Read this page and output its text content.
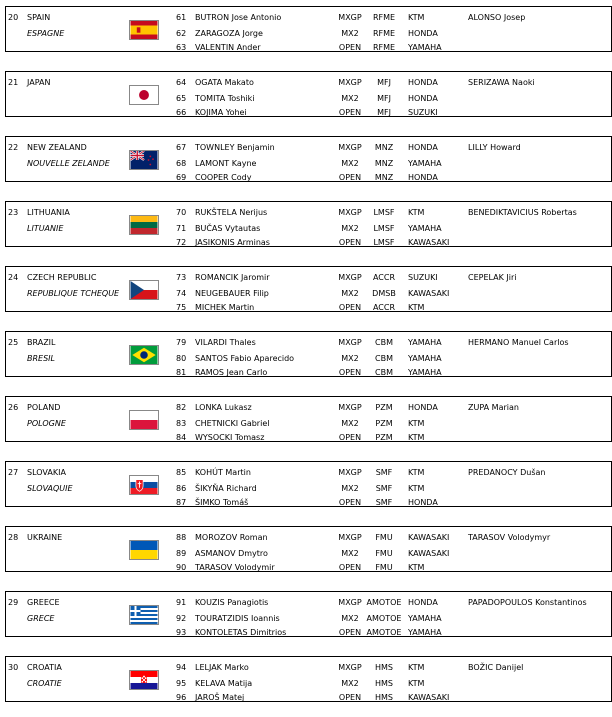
20 SPAIN
ESPAGNE
61 BUTRON Jose Antonio	MXGP	RFME	KTM
62 ZARAGOZA Jorge	MX2	RFME	HONDA
63 VALENTIN Ander	OPEN	RFME	YAMAHA
ALONSO Josep
21 JAPAN	64 OGATA Makato	MXGP	MFJ	HONDA
65 TOMITA Toshiki	MX2	MFJ	HONDA
66 KOJIMA Yohei	OPEN	MFJ	SUZUKI
SERIZAWA Naoki
22 NEW ZEALAND
NOUVELLE ZELANDE
67 TOWNLEY Benjamin	MXGP	MNZ	HONDA
68 LAMONT Kayne	MX2	MNZ	YAMAHA
69 COOPER Cody	OPEN	MNZ	HONDA
LILLY Howard
23 LITHUANIA
LITUANIE
70 RUKŠTELA Nerijus	MXGP	LMSF	KTM
71 BUČAS Vytautas	MX2	LMSF	YAMAHA
72 JASIKONIS Arminas	OPEN	LMSF	KAWASAKI
BENEDIKTAVICIUS Robertas
24 CZECH REPUBLIC
REPUBLIQUE TCHEQUE
73 ROMANCIK Jaromir	MXGP	ACCR	SUZUKI
74 NEUGEBAUER Filip	MX2	DMSB	KAWASAKI
75 MICHEK Martin	OPEN	ACCR	KTM
CEPELAK Jiri
25 BRAZIL
BRESIL
79 VILARDI Thales	MXGP	CBM	YAMAHA
80 SANTOS Fabio Aparecido	MX2	CBM	YAMAHA
81 RAMOS Jean Carlo	OPEN	CBM	YAMAHA
HERMANO Manuel Carlos
26 POLAND
POLOGNE
82 LONKA Lukasz	MXGP	PZM	HONDA
83 CHETNICKI Gabriel	MX2	PZM	KTM
84 WYSOCKI Tomasz	OPEN	PZM	KTM
ZUPA Marian
27 SLOVAKIA
SLOVAQUIE
85 KOHÚT Martin	MXGP	SMF	KTM
86 ŠIKYŇA Richard	MX2	SMF	KTM
87 ŠIMKO Tomáš	OPEN	SMF	HONDA
PREDANOCY Dušan
28 UKRAINE	88 MOROZOV Roman	MXGP	FMU	KAWASAKI
89 ASMANOV Dmytro	MX2	FMU	KAWASAKI
90 TARASOV Volodymir	OPEN	FMU	KTM
TARASOV Volodymyr
29 GREECE
GRECE
91 KOUZIS Panagiotis	MXGP AMOTOE HONDA
92 TOURATZIDIS Ioannis	MX2 AMOTOE YAMAHA
93 KONTOLETAS Dimitrios	OPEN AMOTOE YAMAHA
PAPADOPOULOS Konstantinos
30 CROATIA
CROATIE
94 LELJAK Marko	MXGP	HMS	KTM
95 KELAVA Matija	MX2	HMS	KTM
96 JAROŠ Matej	OPEN	HMS	KAWASAKI
BOŽIC Danijel
